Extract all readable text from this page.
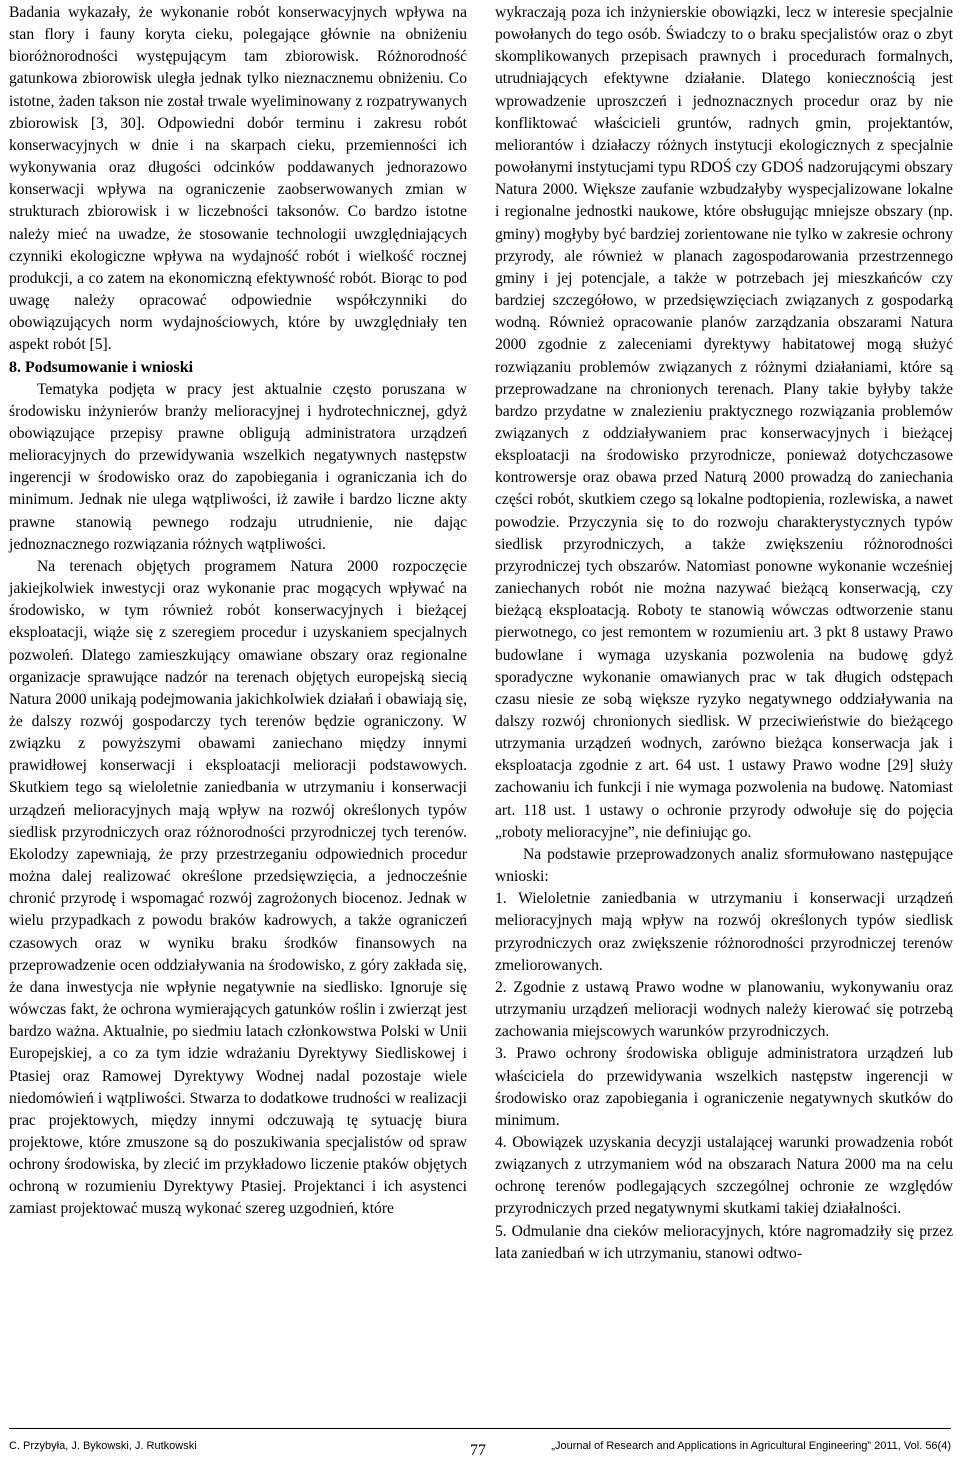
Badania wykazały, że wykonanie robót konserwacyjnych wpływa na stan flory i fauny koryta cieku, polegające głównie na obniżeniu bioróżnorodności występującym tam zbiorowisk. Różnorodność gatunkowa zbiorowisk uległa jednak tylko nieznacznemu obniżeniu. Co istotne, żaden takson nie został trwale wyeliminowany z rozpatrywanych zbiorowisk [3, 30]. Odpowiedni dobór terminu i zakresu robót konserwacyjnych w dnie i na skarpach cieku, przemienności ich wykonywania oraz długości odcinków poddawanych jednorazowo konserwacji wpływa na ograniczenie zaobserwowanych zmian w strukturach zbiorowisk i w liczebności taksonów. Co bardzo istotne należy mieć na uwadze, że stosowanie technologii uwzględniających czynniki ekologiczne wpływa na wydajność robót i wielkość rocznej produkcji, a co zatem na ekonomiczną efektywność robót. Biorąc to pod uwagę należy opracować odpowiednie współczynniki do obowiązujących norm wydajnościowych, które by uwzględniały ten aspekt robót [5].

8. Podsumowanie i wnioski

Tematyka podjęta w pracy jest aktualnie często poruszana w środowisku inżynierów branży melioracyjnej i hydrotechnicznej, gdyż obowiązujące przepisy prawne obligują administratora urządzeń melioracyjnych do przewidywania wszelkich negatywnych następstw ingerencji w środowisko oraz do zapobiegania i ograniczania ich do minimum. Jednak nie ulega wątpliwości, iż zawiłe i bardzo liczne akty prawne stanowią pewnego rodzaju utrudnienie, nie dając jednoznacznego rozwiązania różnych wątpliwości.

Na terenach objętych programem Natura 2000 rozpoczęcie jakiejkolwiek inwestycji oraz wykonanie prac mogących wpływać na środowisko, w tym również robót konserwacyjnych i bieżącej eksploatacji, wiąże się z szeregiem procedur i uzyskaniem specjalnych pozwoleń. Dlatego zamieszkujący omawiane obszary oraz regionalne organizacje sprawujące nadzór na terenach objętych europejską siecią Natura 2000 unikają podejmowania jakichkolwiek działań i obawiają się, że dalszy rozwój gospodarczy tych terenów będzie ograniczony. W związku z powyższymi obawami zaniechano między innymi prawidłowej konserwacji i eksploatacji melioracji podstawowych. Skutkiem tego są wieloletnie zaniedbania w utrzymaniu i konserwacji urządzeń melioracyjnych mają wpływ na rozwój określonych typów siedlisk przyrodniczych oraz różnorodności przyrodniczej tych terenów. Ekolodzy zapewniają, że przy przestrzeganiu odpowiednich procedur można dalej realizować określone przedsięwzięcia, a jednocześnie chronić przyrodę i wspomagać rozwój zagrożonych biocenoz. Jednak w wielu przypadkach z powodu braków kadrowych, a także ograniczeń czasowych oraz w wyniku braku środków finansowych na przeprowadzenie ocen oddziaływania na środowisko, z góry zakłada się, że dana inwestycja nie wpłynie negatywnie na siedlisko. Ignoruje się wówczas fakt, że ochrona wymierających gatunków roślin i zwierząt jest bardzo ważna. Aktualnie, po siedmiu latach członkowstwa Polski w Unii Europejskiej, a co za tym idzie wdrażaniu Dyrektywy Siedliskowej i Ptasiej oraz Ramowej Dyrektywy Wodnej nadal pozostaje wiele niedomówień i wątpliwości. Stwarza to dodatkowe trudności w realizacji prac projektowych, między innymi odczuwają tę sytuację biura projektowe, które zmuszone są do poszukiwania specjalistów od spraw ochrony środowiska, by zlecić im przykładowo liczenie ptaków objętych ochroną w rozumieniu Dyrektywy Ptasiej. Projektanci i ich asystenci zamiast projektować muszą wykonać szereg uzgodnień, które

wykraczają poza ich inżynierskie obowiązki, lecz w interesie specjalnie powołanych do tego osób. Świadczy to o braku specjalistów oraz o zbyt skomplikowanych przepisach prawnych i procedurach formalnych, utrudniających efektywne działanie. Dlatego koniecznością jest wprowadzenie uproszczeń i jednoznacznych procedur oraz by nie konfliktować właścicieli gruntów, radnych gmin, projektantów, meliorantów i działaczy różnych instytucji ekologicznych z specjalnie powołanymi instytucjami typu RDOŚ czy GDOŚ nadzorującymi obszary Natura 2000. Większe zaufanie wzbudzałyby wyspecjalizowane lokalne i regionalne jednostki naukowe, które obsługując mniejsze obszary (np. gminy) mogłyby być bardziej zorientowane nie tylko w zakresie ochrony przyrody, ale również w planach zagospodarowania przestrzennego gminy i jej potencjale, a także w potrzebach jej mieszkańców czy bardziej szczegółowo, w przedsięwzięciach związanych z gospodarką wodną. Również opracowanie planów zarządzania obszarami Natura 2000 zgodnie z zaleceniami dyrektywy habitatowej mogą służyć rozwiązaniu problemów związanych z różnymi działaniami, które są przeprowadzane na chronionych terenach. Plany takie byłyby także bardzo przydatne w znalezieniu praktycznego rozwiązania problemów związanych z oddziaływaniem prac konserwacyjnych i bieżącej eksploatacji na środowisko przyrodnicze, ponieważ dotychczasowe kontrowersje oraz obawa przed Naturą 2000 prowadzą do zaniechania części robót, skutkiem czego są lokalne podtopienia, rozlewiska, a nawet powodzie. Przyczynia się to do rozwoju charakterystycznych typów siedlisk przyrodniczych, a także zwiększeniu różnorodności przyrodniczej tych obszarów. Natomiast ponowne wykonanie wcześniej zaniechanych robót nie można nazywać bieżącą konserwacją, czy bieżącą eksploatacją. Roboty te stanowią wówczas odtworzenie stanu pierwotnego, co jest remontem w rozumieniu art. 3 pkt 8 ustawy Prawo budowlane i wymaga uzyskania pozwolenia na budowę gdyż sporadyczne wykonanie omawianych prac w tak długich odstępach czasu niesie ze sobą większe ryzyko negatywnego oddziaływania na dalszy rozwój chronionych siedlisk. W przeciwieństwie do bieżącego utrzymania urządzeń wodnych, zarówno bieżąca konserwacja jak i eksploatacja zgodnie z art. 64 ust. 1 ustawy Prawo wodne [29] służy zachowaniu ich funkcji i nie wymaga pozwolenia na budowę. Natomiast art. 118 ust. 1 ustawy o ochronie przyrody odwołuje się do pojęcia „roboty melioracyjne”, nie definiując go.

Na podstawie przeprowadzonych analiz sformułowano następujące wnioski:

1. Wieloletnie zaniedbania w utrzymaniu i konserwacji urządzeń melioracyjnych mają wpływ na rozwój określonych typów siedlisk przyrodniczych oraz zwiększenie różnorodności przyrodniczej terenów zmeliorowanych.

2. Zgodnie z ustawą Prawo wodne w planowaniu, wykonywaniu oraz utrzymaniu urządzeń melioracji wodnych należy kierować się potrzebą zachowania miejscowych warunków przyrodniczych.

3. Prawo ochrony środowiska obliguje administratora urządzeń lub właściciela do przewidywania wszelkich następstw ingerencji w środowisko oraz zapobiegania i ograniczenie negatywnych skutków do minimum.

4. Obowiązek uzyskania decyzji ustalającej warunki prowadzenia robót związanych z utrzymaniem wód na obszarach Natura 2000 ma na celu ochronę terenów podlegających szczególnej ochronie ze względów przyrodniczych przed negatywnymi skutkami takiej działalności.

5. Odmulanie dna cieków melioracyjnych, które nagromadziły się przez lata zaniedbań w ich utrzymaniu, stanowi odtwo-

C. Przybyła, J. Bykowski, J. Rutkowski	77	„Journal of Research and Applications in Agricultural Engineering” 2011, Vol. 56(4)
